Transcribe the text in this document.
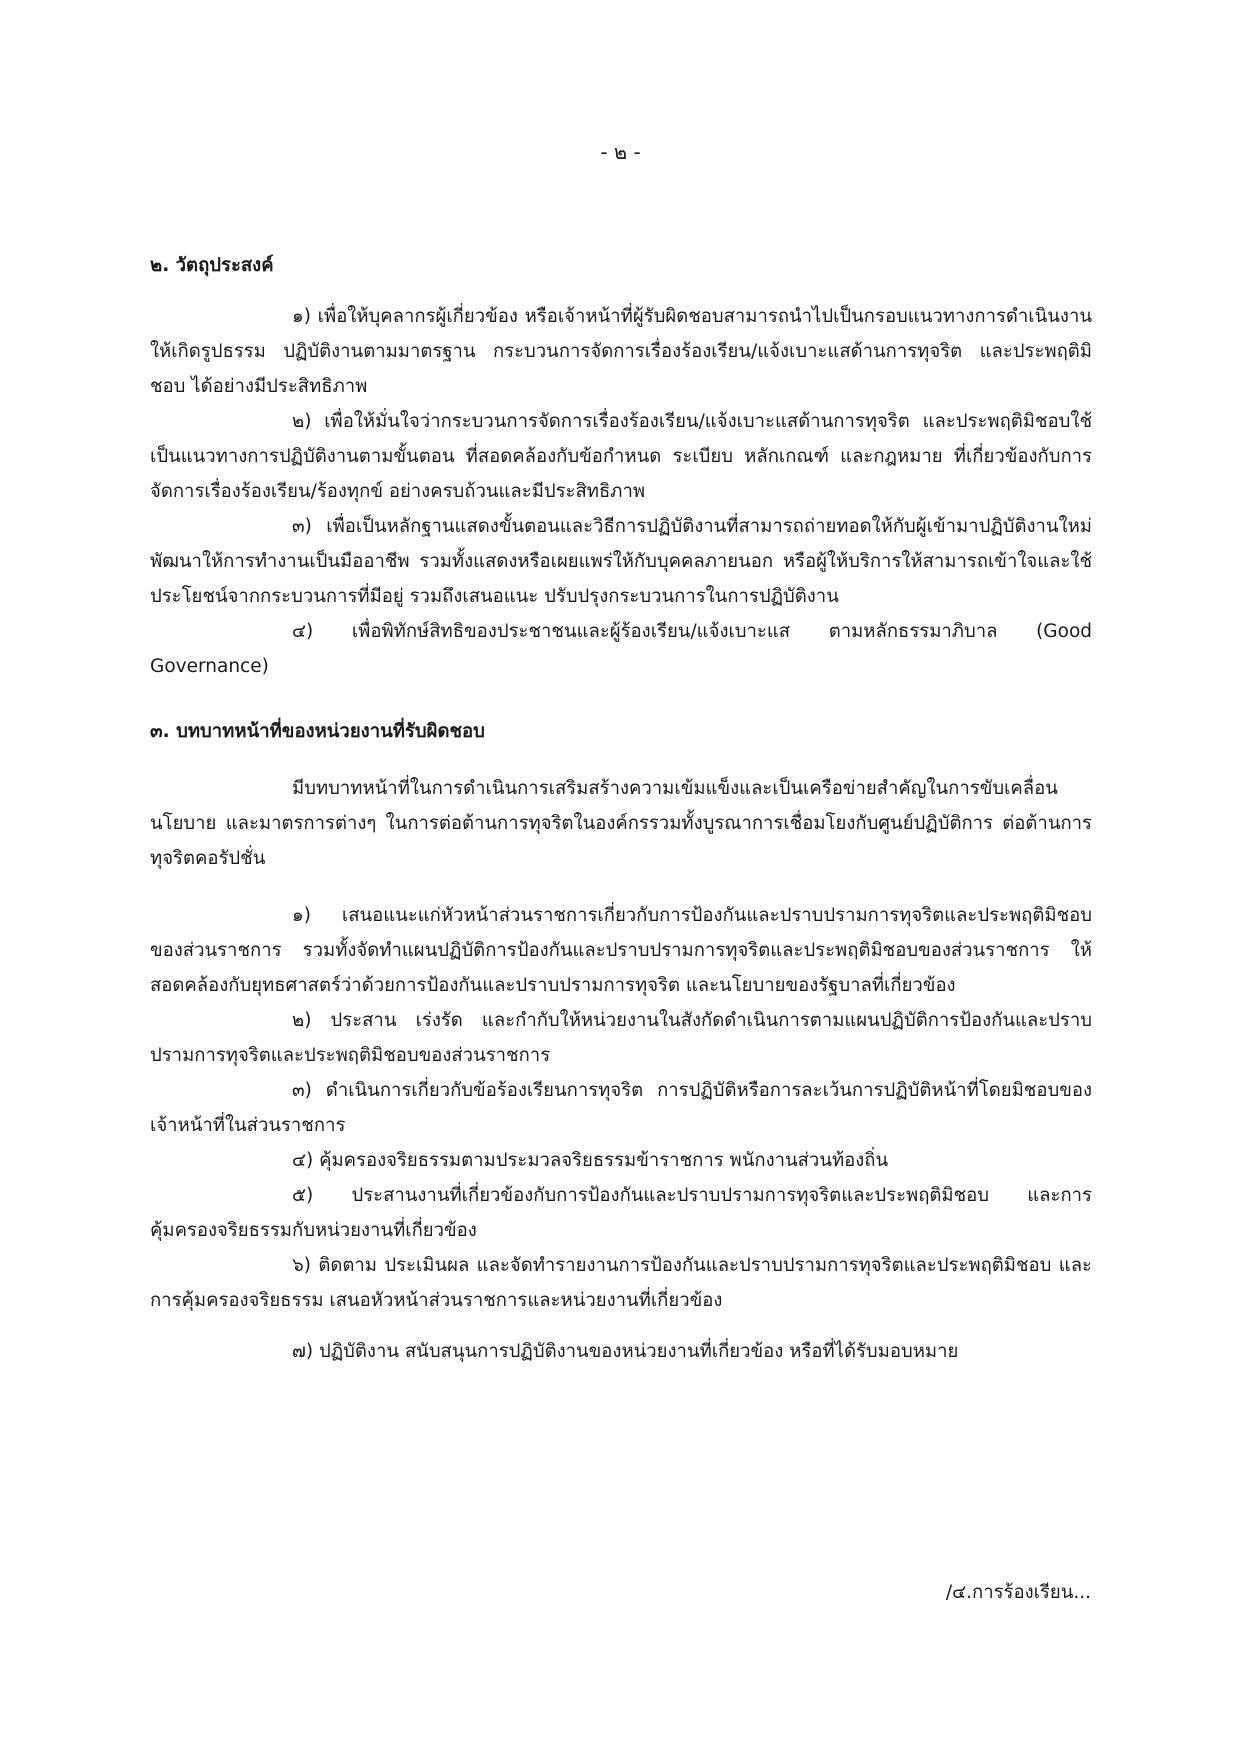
- ๒ -

๒. วัตถุประสงค์

๑) เพื่อให้บุคลากรผู้เกี่ยวข้อง หรือเจ้าหน้าที่ผู้รับผิดชอบสามารถนำไปเป็นกรอบแนวทางการดำเนินงานให้เกิดรูปธรรม ปฏิบัติงานตามมาตรฐาน กระบวนการจัดการเรื่องร้องเรียน/แจ้งเบาะแสด้านการทุจริต และประพฤติมิชอบ ได้อย่างมีประสิทธิภาพ

๒) เพื่อให้มั่นใจว่ากระบวนการจัดการเรื่องร้องเรียน/แจ้งเบาะแสด้านการทุจริต และประพฤติมิชอบใช้เป็นแนวทางการปฏิบัติงานตามขั้นตอน ที่สอดคล้องกับข้อกำหนด ระเบียบ หลักเกณฑ์ และกฎหมาย ที่เกี่ยวข้องกับการจัดการเรื่องร้องเรียน/ร้องทุกข์ อย่างครบถ้วนและมีประสิทธิภาพ

๓) เพื่อเป็นหลักฐานแสดงขั้นตอนและวิธีการปฏิบัติงานที่สามารถถ่ายทอดให้กับผู้เข้ามาปฏิบัติงานใหม่ พัฒนาให้การทำงานเป็นมืออาชีพ รวมทั้งแสดงหรือเผยแพร่ให้กับบุคคลภายนอก หรือผู้ให้บริการให้สามารถเข้าใจและใช้ประโยชน์จากกระบวนการที่มีอยู่ รวมถึงเสนอแนะ ปรับปรุงกระบวนการในการปฏิบัติงาน

๔) เพื่อพิทักษ์สิทธิของประชาชนและผู้ร้องเรียน/แจ้งเบาะแส ตามหลักธรรมาภิบาล (Good Governance)

๓. บทบาทหน้าที่ของหน่วยงานที่รับผิดชอบ

มีบทบาทหน้าที่ในการดำเนินการเสริมสร้างความเข้มแข็งและเป็นเครือข่ายสำคัญในการขับเคลื่อนนโยบาย และมาตรการต่างๆ ในการต่อต้านการทุจริตในองค์กรรวมทั้งบูรณาการเชื่อมโยงกับศูนย์ปฏิบัติการ ต่อต้านการทุจริตคอรัปชั่น

๑) เสนอแนะแก่หัวหน้าส่วนราชการเกี่ยวกับการป้องกันและปราบปรามการทุจริตและประพฤติมิชอบของส่วนราชการ รวมทั้งจัดทำแผนปฏิบัติการป้องกันและปราบปรามการทุจริตและประพฤติมิชอบของส่วนราชการ ให้สอดคล้องกับยุทธศาสตร์ว่าด้วยการป้องกันและปราบปรามการทุจริต และนโยบายของรัฐบาลที่เกี่ยวข้อง

๒) ประสาน เร่งรัด และกำกับให้หน่วยงานในสังกัดดำเนินการตามแผนปฏิบัติการป้องกันและปราบปรามการทุจริตและประพฤติมิชอบของส่วนราชการ

๓) ดำเนินการเกี่ยวกับข้อร้องเรียนการทุจริต การปฏิบัติหรือการละเว้นการปฏิบัติหน้าที่โดยมิชอบของเจ้าหน้าที่ในส่วนราชการ

๔) คุ้มครองจริยธรรมตามประมวลจริยธรรมข้าราชการ พนักงานส่วนท้องถิ่น

๕) ประสานงานที่เกี่ยวข้องกับการป้องกันและปราบปรามการทุจริตและประพฤติมิชอบ และการคุ้มครองจริยธรรมกับหน่วยงานที่เกี่ยวข้อง

๖) ติดตาม ประเมินผล และจัดทำรายงานการป้องกันและปราบปรามการทุจริตและประพฤติมิชอบ และการคุ้มครองจริยธรรม เสนอหัวหน้าส่วนราชการและหน่วยงานที่เกี่ยวข้อง

๗) ปฏิบัติงาน สนับสนุนการปฏิบัติงานของหน่วยงานที่เกี่ยวข้อง หรือที่ได้รับมอบหมาย

/๔.การร้องเรียน...
